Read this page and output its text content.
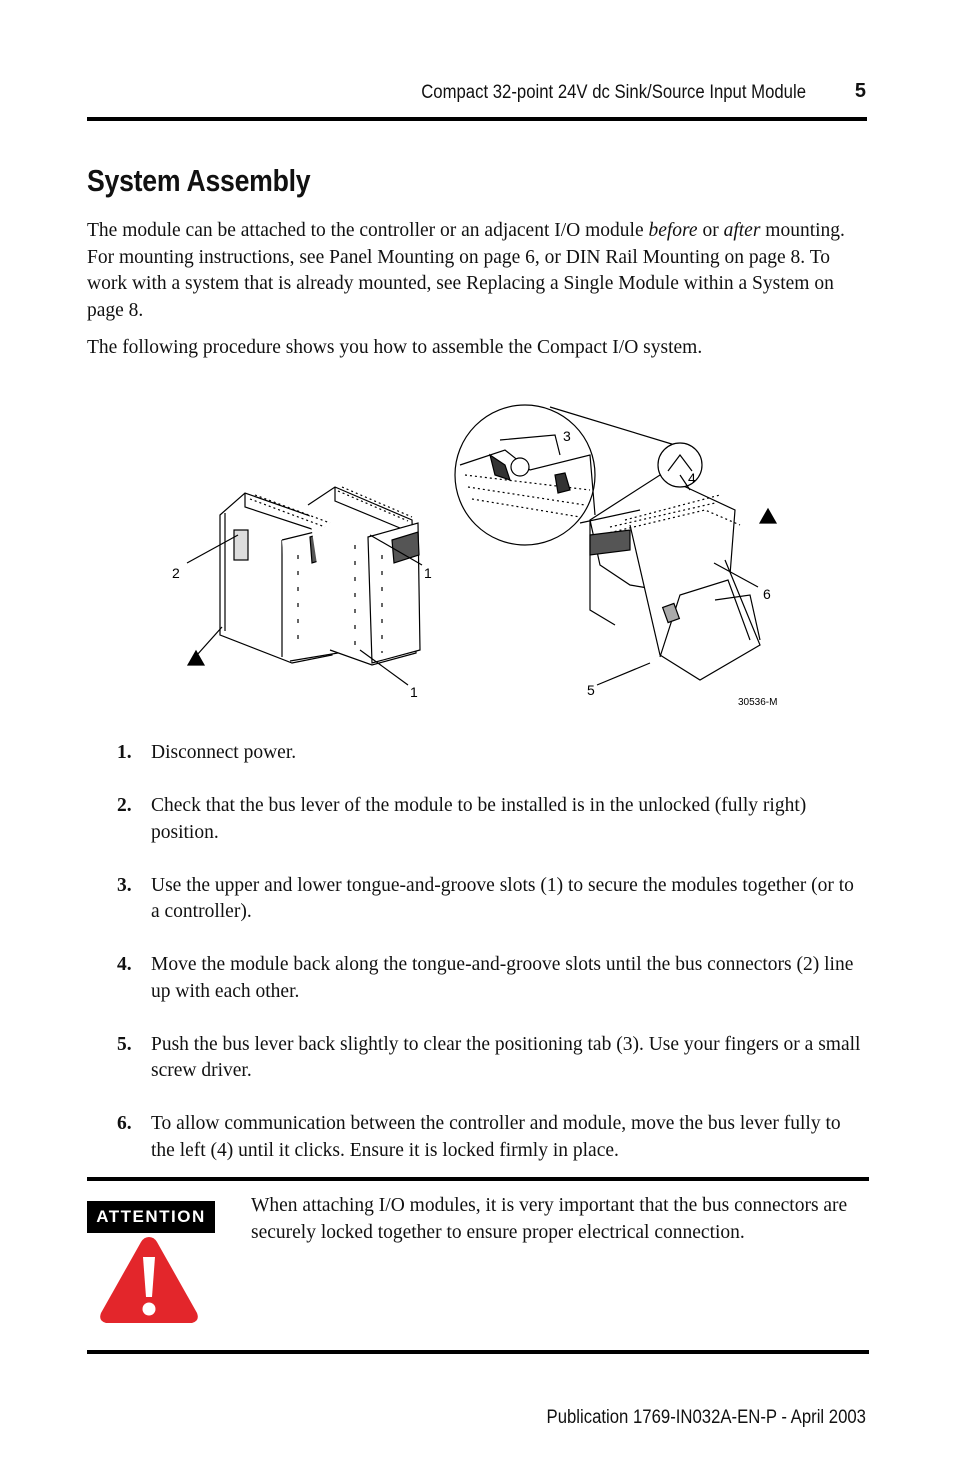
Compact 32-point 24V dc Sink/Source Input Module 5
System Assembly

The module can be attached to the controller or an adjacent I/O module before or after mounting. For mounting instructions, see Panel Mounting on page 6, or DIN Rail Mounting on page 8. To work with a system that is already mounted, see Replacing a Single Module within a System on page 8.

The following procedure shows you how to assemble the Compact I/O system.

1
1
2
3
4
5
6
30536-M
1. Disconnect power.
2. Check that the bus lever of the module to be installed is in the unlocked (fully right) position.
3. Use the upper and lower tongue-and-groove slots (1) to secure the modules together (or to a controller).
4. Move the module back along the tongue-and-groove slots until the bus connectors (2) line up with each other.
5. Push the bus lever back slightly to clear the positioning tab (3). Use your fingers or a small screw driver.
6. To allow communication between the controller and module, move the bus lever fully to the left (4) until it clicks. Ensure it is locked firmly in place.
ATTENTION

When attaching I/O modules, it is very important that the bus connectors are securely locked together to ensure proper electrical connection.

Publication 1769-IN032A-EN-P - April 2003
